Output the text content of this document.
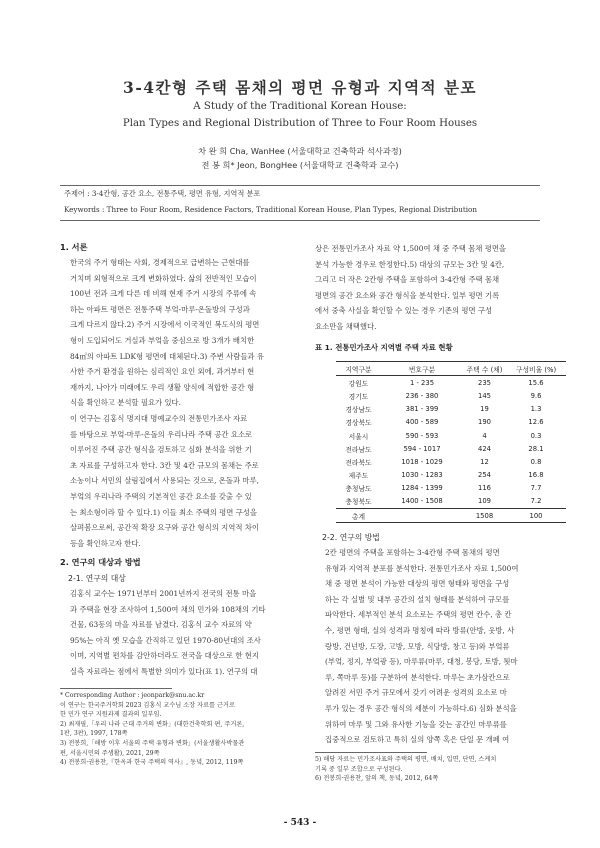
3-4칸형 주택 몸채의 평면 유형과 지역적 분포
A Study of the Traditional Korean House:
Plan Types and Regional Distribution of Three to Four Room Houses
차 완 희 Cha, WanHee (서울대학교 건축학과 석사과정)
전 봉 희* Jeon, BongHee (서울대학교 건축학과 교수)
주제어 : 3-4칸형, 공간 요소, 전통주택, 평면 유형, 지역적 분포
Keywords : Three to Four Room, Residence Factors, Traditional Korean House, Plan Types, Regional Distribution
1. 서론

한국의 주거 형태는 사회, 경제적으로 급변하는 근현대를

거치며 외형적으로 크게 변화하였다. 삶의 전반적인 모습이

100년 전과 크게 다른 데 비해 현재 주거 시장의 주류에 속

하는 아파트 평면은 전통주택 부엌-마루-온돌방의 구성과

크게 다르지 않다.2) 주거 시장에서 이국적인 복도식의 평면

형이 도입되어도 거실과 부엌을 중심으로 방 3개가 배치한

84㎡의 아파트 LDK형 평면에 대체된다.3) 주변 사람들과 유

사한 주거 환경을 원하는 심리적인 요인 외에, 과거부터 현

재까지, 나아가 미래에도 우리 생활 양식에 적합한 공간 형

식을 확인하고 분석할 필요가 있다.

이 연구는 김홍식 명지대 명예교수의 전통민가조사 자료

를 바탕으로 부엌-마루-온돌의 우리나라 주택 공간 요소로

이루어진 주택 공간 형식을 검토하고 심화 분석을 위한 기

초 자료를 구성하고자 한다. 3칸 및 4칸 규모의 몸채는 주로

소농이나 서민의 살림집에서 사용되는 것으로, 온돌과 마루,

부엌의 우리나라 주택의 기본적인 공간 요소를 갖출 수 있

는 최소형이라 할 수 있다.1) 이들 최소 주택의 평면 구성을

살펴봄으로써, 공간적 확장 요구와 공간 형식의 지역적 차이

등을 확인하고자 한다.

2. 연구의 대상과 방법
2-1. 연구의 대상

김홍식 교수는 1971년부터 2001년까지 전국의 전통 마을

과 주택을 현장 조사하여 1,500여 채의 민가와 108채의 기타

건물, 63동의 마을 자료를 남겼다. 김홍식 교수 자료의 약

95%는 아직 옛 모습을 간직하고 있던 1970-80년대의 조사

이며, 지역별 편차를 감안하더라도 전국을 대상으로 한 현지

실측 자료라는 점에서 특별한 의미가 있다(표 1). 연구의 대

* Corresponding Author : jeonpark@snu.ac.kr
이 연구는 한국주거학회 2023 김홍식 교수님 소장 자료를 근거로
한 민가 연구 지원과제 결과의 일부임.
2) 최재필,「우리 나라 근대 주거의 변화」(대한건축학회 편, 주거론,
1판, 3판), 1997, 178쪽
3) 전봉희,「해방 이후 서울의 주택 유형과 변화」(서울생활사박물관
편, 서울시민의 주생활), 2021, 29쪽
4) 전봉희·권용찬,『한옥과 한국 주택의 역사』, 동녘, 2012, 119쪽

상은 전통민가조사 자료 약 1,500여 채 중 주택 몸채 평면을

분석 가능한 경우로 한정한다.5) 대상의 규모는 3칸 및 4칸,

그리고 더 작은 2칸형 주택을 포함하여 3-4칸형 주택 몸채

평면의 공간 요소와 공간 형식을 분석한다. 일부 평면 기록

에서 중축 사실을 확인할 수 있는 경우 기존의 평면 구성

요소만을 채택했다.

표 1. 전통민가조사 지역별 주택 자료 현황
지역구분	번호구분	주택 수 (채)	구성비율 (%)
강원도	1 - 235	235	15.6
경기도	236 - 380	145	9.6
경상남도	381 - 399	19	1.3
경상북도	400 - 589	190	12.6
서울시	590 - 593	4	0.3
전라남도	594 - 1017	424	28.1
전라북도	1018 - 1029	12	0.8
제주도	1030 - 1283	254	16.8
충청남도	1284 - 1399	116	7.7
충청북도	1400 - 1508	109	7.2
총계		1508	100
2-2. 연구의 방법

2칸 평면의 주택을 포함하는 3-4칸형 주택 몸채의 평면

유형과 지역적 분포를 분석한다. 전통민가조사 자료 1,500여

채 중 평면 분석이 가능한 대상의 평면 형태와 평면을 구성

하는 각 실별 및 내부 공간의 설치 형태를 분석하여 규모를

파악한다. 세부적인 분석 요소로는 주택의 평면 칸수, 총 칸

수, 평면 형태, 실의 성격과 명칭에 따라 방류(안방, 웃방, 사

랑방, 건넌방, 도장, 고방, 모방, 식당방, 창고 등)와 부엌류

(부엌, 정지, 부엌광 등), 마루류(마루, 대청, 봉당, 토방, 툇마

루, 쪽마루 등)를 구분하여 분석한다. 마루는 초가삼칸으로

알려진 서민 주거 규모에서 갖기 어려운 성격의 요소로 마

루가 있는 경우 공간 형식의 세분이 가능하다.6) 심화 분석을

위하여 마루 및 그와 유사한 기능을 갖는 공간인 마루류를

집중적으로 검토하고 특히 실의 양쪽 혹은 단일 문 개폐 여

5) 해당 자료는 민가조사표와 주택의 평면, 배치, 입면, 단면, 스케치
기록 중 일부 조합으로 구성된다.
6) 전봉희·권용찬, 앞의 책, 동녘, 2012, 64쪽
- 543 -
